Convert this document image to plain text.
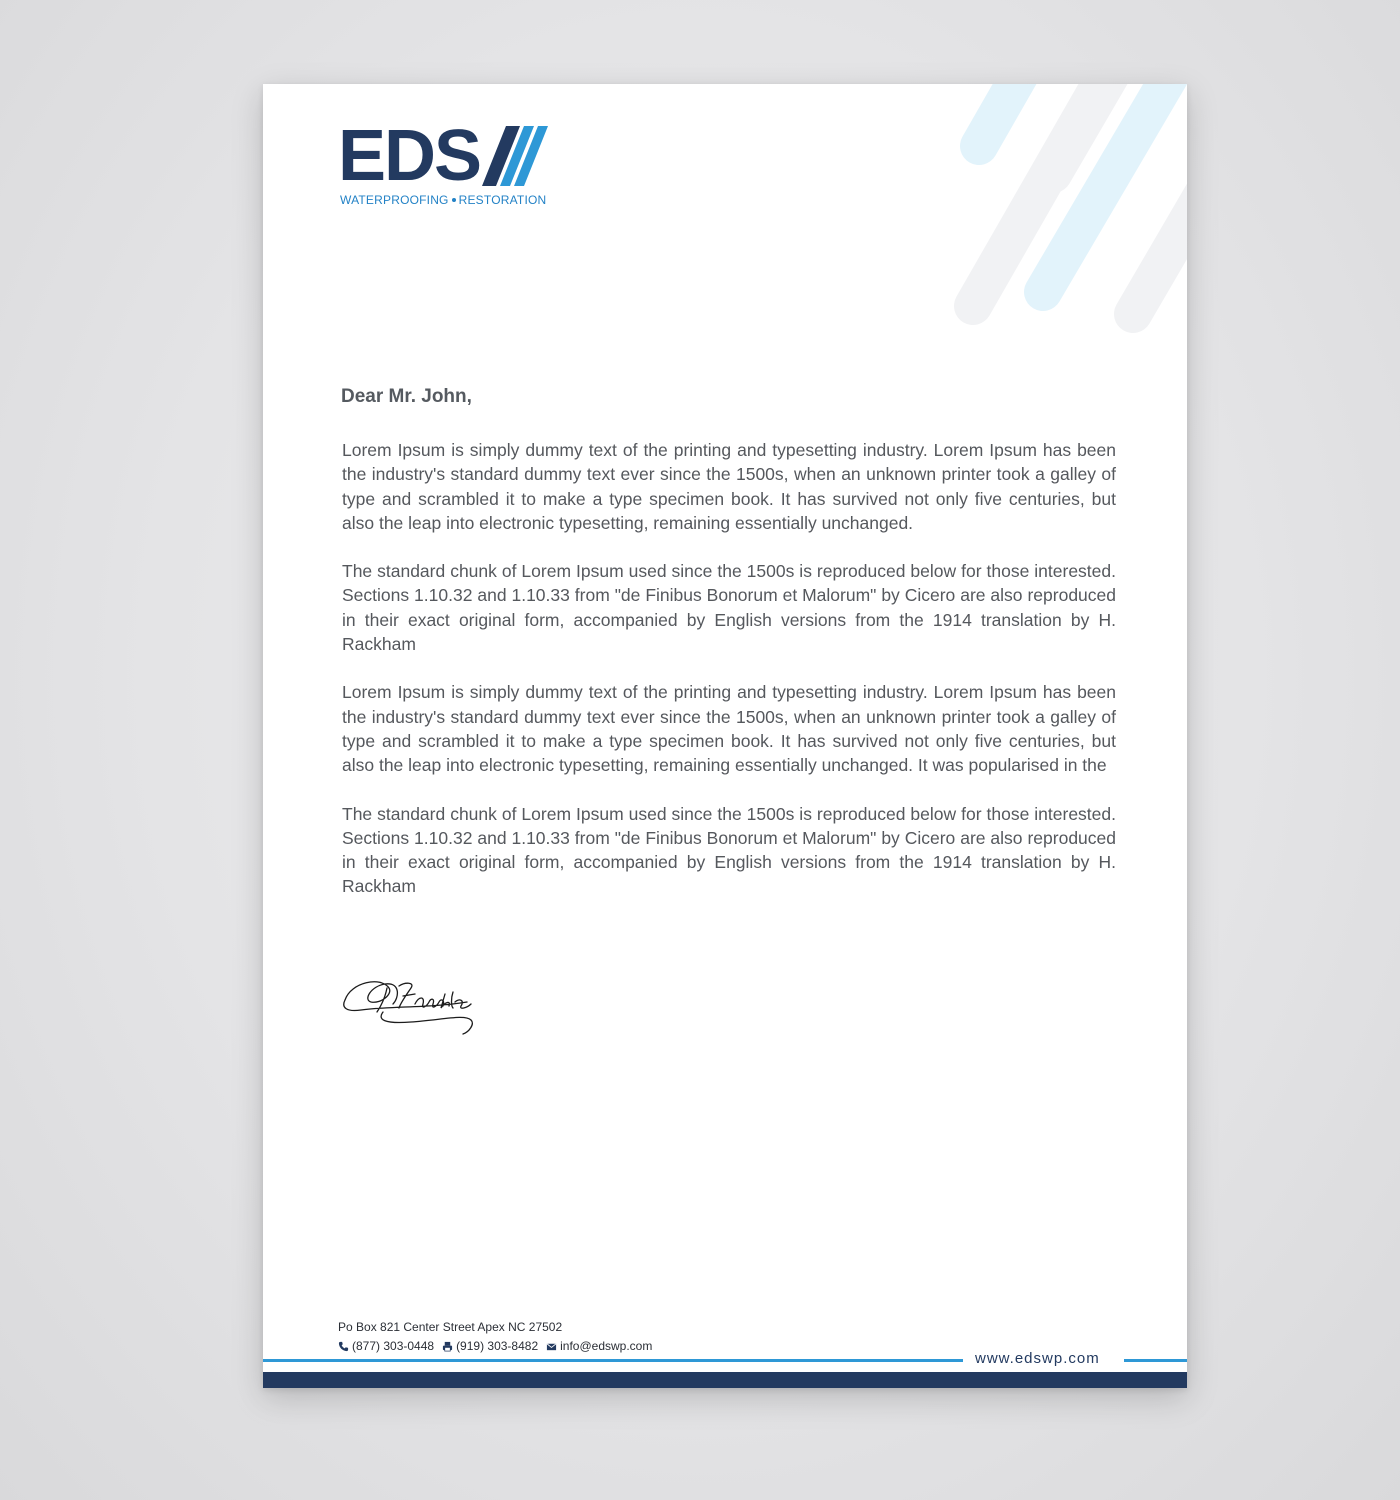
EDS
WATERPROOFING RESTORATION
Dear Mr. John,

Lorem Ipsum is simply dummy text of the printing and typesetting industry. Lorem Ipsum has been the industry's standard dummy text ever since the 1500s, when an unknown printer took a galley of type and scrambled it to make a type specimen book. It has survived not only five centuries, but also the leap into electronic typesetting, remaining essentially unchanged.

The standard chunk of Lorem Ipsum used since the 1500s is reproduced below for those interested. Sections 1.10.32 and 1.10.33 from "de Finibus Bonorum et Malorum" by Cicero are also reproduced in their exact original form, accompanied by English versions from the 1914 translation by H. Rackham

Lorem Ipsum is simply dummy text of the printing and typesetting industry. Lorem Ipsum has been the industry's standard dummy text ever since the 1500s, when an unknown printer took a galley of type and scrambled it to make a type specimen book. It has survived not only five centuries, but also the leap into electronic typesetting, remaining essentially unchanged. It was popularised in the

The standard chunk of Lorem Ipsum used since the 1500s is reproduced below for those interested. Sections 1.10.32 and 1.10.33 from "de Finibus Bonorum et Malorum" by Cicero are also reproduced in their exact original form, accompanied by English versions from the 1914 translation by H. Rackham

Po Box 821 Center Street Apex NC 27502
(877) 303-0448 (919) 303-8482 info@edswp.com
www.edswp.com
